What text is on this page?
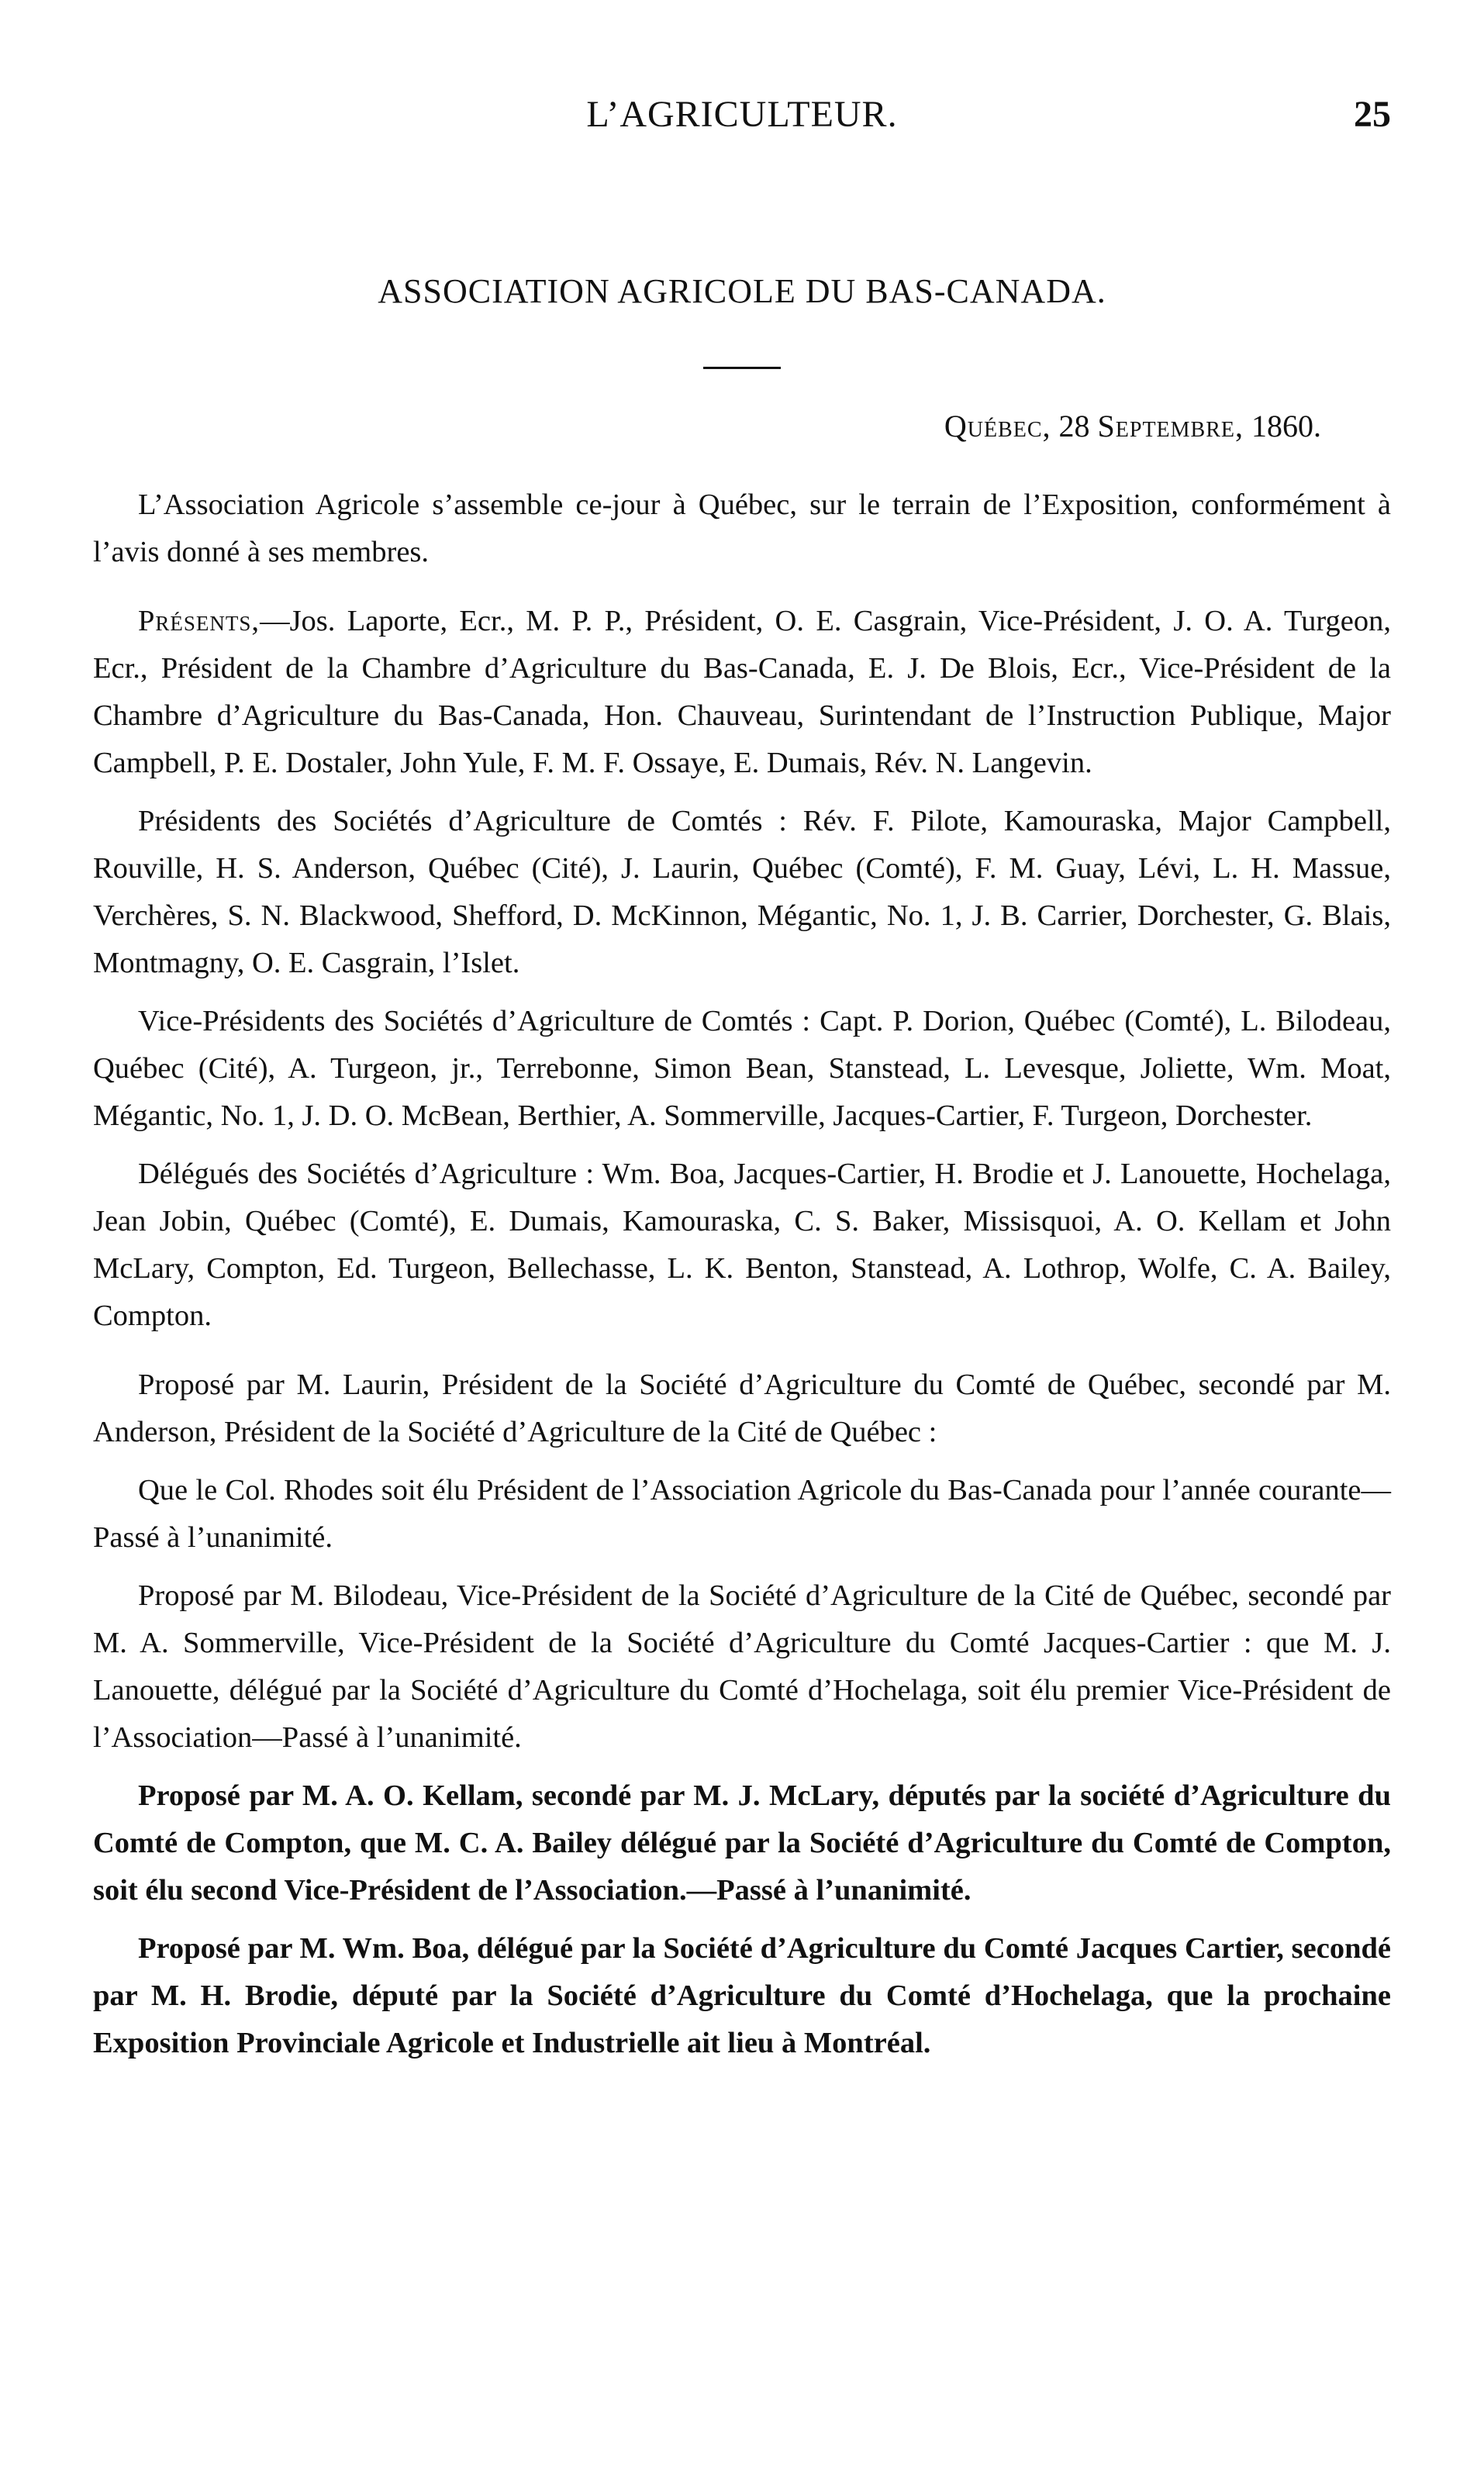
L’AGRICULTEUR.	25
ASSOCIATION AGRICOLE DU BAS-CANADA.
Québec, 28 Septembre, 1860.

L’Association Agricole s’assemble ce-jour à Québec, sur le terrain de l’Exposition, conformément à l’avis donné à ses membres.

Présents,—Jos. Laporte, Ecr., M. P. P., Président, O. E. Casgrain, Vice-Président, J. O. A. Turgeon, Ecr., Président de la Chambre d’Agriculture du Bas-Canada, E. J. De Blois, Ecr., Vice-Président de la Chambre d’Agriculture du Bas-Canada, Hon. Chauveau, Surintendant de l’Instruction Publique, Major Campbell, P. E. Dostaler, John Yule, F. M. F. Ossaye, E. Dumais, Rév. N. Langevin.

Présidents des Sociétés d’Agriculture de Comtés : Rév. F. Pilote, Kamouraska, Major Campbell, Rouville, H. S. Anderson, Québec (Cité), J. Laurin, Québec (Comté), F. M. Guay, Lévi, L. H. Massue, Verchères, S. N. Blackwood, Shefford, D. McKinnon, Mégantic, No. 1, J. B. Carrier, Dorchester, G. Blais, Montmagny, O. E. Casgrain, l’Islet.

Vice-Présidents des Sociétés d’Agriculture de Comtés : Capt. P. Dorion, Québec (Comté), L. Bilodeau, Québec (Cité), A. Turgeon, jr., Terrebonne, Simon Bean, Stanstead, L. Levesque, Joliette, Wm. Moat, Mégantic, No. 1, J. D. O. McBean, Berthier, A. Sommerville, Jacques-Cartier, F. Turgeon, Dorchester.

Délégués des Sociétés d’Agriculture : Wm. Boa, Jacques-Cartier, H. Brodie et J. Lanouette, Hochelaga, Jean Jobin, Québec (Comté), E. Dumais, Kamouraska, C. S. Baker, Missisquoi, A. O. Kellam et John McLary, Compton, Ed. Turgeon, Bellechasse, L. K. Benton, Stanstead, A. Lothrop, Wolfe, C. A. Bailey, Compton.

Proposé par M. Laurin, Président de la Société d’Agriculture du Comté de Québec, secondé par M. Anderson, Président de la Société d’Agriculture de la Cité de Québec :

Que le Col. Rhodes soit élu Président de l’Association Agricole du Bas-Canada pour l’année courante—Passé à l’unanimité.

Proposé par M. Bilodeau, Vice-Président de la Société d’Agriculture de la Cité de Québec, secondé par M. A. Sommerville, Vice-Président de la Société d’Agriculture du Comté Jacques-Cartier : que M. J. Lanouette, délégué par la Société d’Agriculture du Comté d’Hochelaga, soit élu premier Vice-Président de l’Association—Passé à l’unanimité.

Proposé par M. A. O. Kellam, secondé par M. J. McLary, députés par la société d’Agriculture du Comté de Compton, que M. C. A. Bailey délégué par la Société d’Agriculture du Comté de Compton, soit élu second Vice-Président de l’Association.—Passé à l’unanimité.

Proposé par M. Wm. Boa, délégué par la Société d’Agriculture du Comté Jacques Cartier, secondé par M. H. Brodie, député par la Société d’Agriculture du Comté d’Hochelaga, que la prochaine Exposition Provinciale Agricole et Industrielle ait lieu à Montréal.
